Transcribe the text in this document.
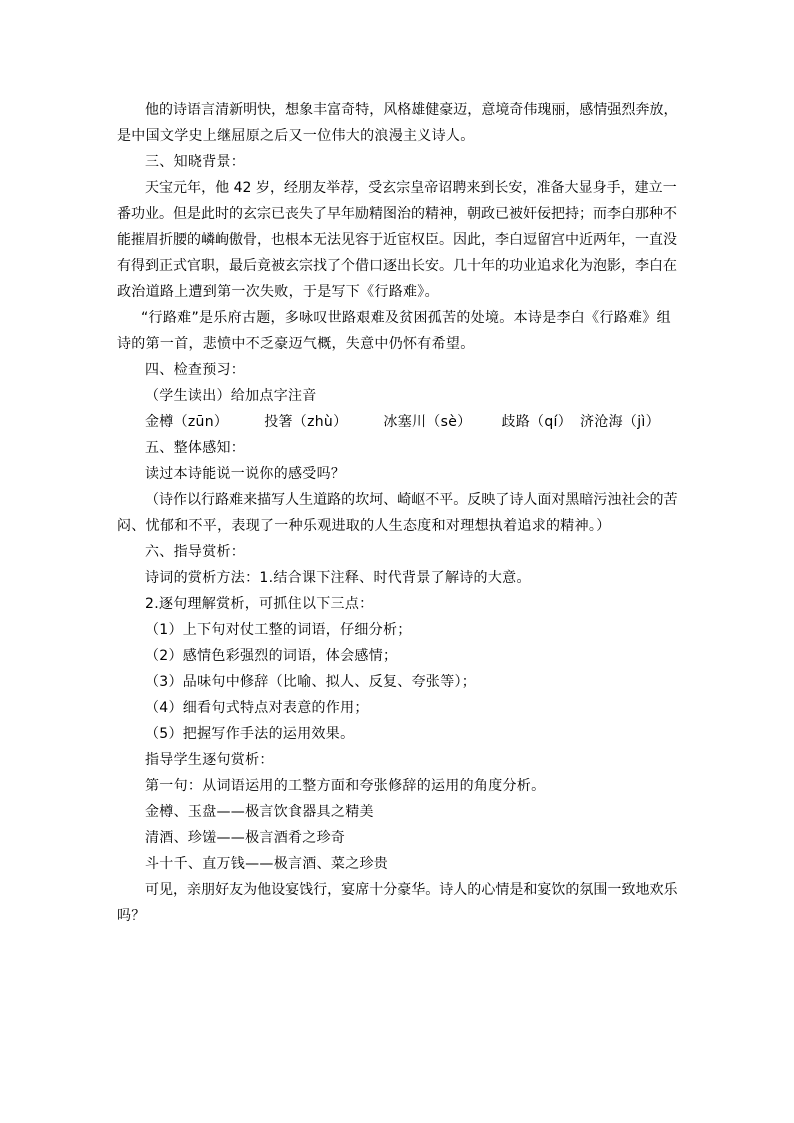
他的诗语言清新明快，想象丰富奇特，风格雄健豪迈，意境奇伟瑰丽，感情强烈奔放，
是中国文学史上继屈原之后又一位伟大的浪漫主义诗人。
三、知晓背景：
天宝元年，他 42 岁，经朋友举荐，受玄宗皇帝诏聘来到长安，准备大显身手，建立一
番功业。但是此时的玄宗已丧失了早年励精图治的精神，朝政已被奸佞把持；而李白那种不
能摧眉折腰的嶙峋傲骨，也根本无法见容于近宦权臣。因此，李白逗留宫中近两年，一直没
有得到正式官职，最后竟被玄宗找了个借口逐出长安。几十年的功业追求化为泡影，李白在
政治道路上遭到第一次失败，于是写下《行路难》。
“行路难”是乐府古题，多咏叹世路艰难及贫困孤苦的处境。本诗是李白《行路难》组
诗的第一首，悲愤中不乏豪迈气概，失意中仍怀有希望。
四、检查预习：
（学生读出）给加点字注音
金樽（zūn）	投箸（zhù）	冰塞川（sè） 歧路（qí） 济沧海（jì）
五、整体感知：
读过本诗能说一说你的感受吗？
（诗作以行路难来描写人生道路的坎坷、崎岖不平。反映了诗人面对黑暗污浊社会的苦
闷、忧郁和不平，表现了一种乐观进取的人生态度和对理想执着追求的精神。）
六、指导赏析：
诗词的赏析方法：1.结合课下注释、时代背景了解诗的大意。
2.逐句理解赏析，可抓住以下三点：
（1）上下句对仗工整的词语，仔细分析；
（2）感情色彩强烈的词语，体会感情；
（3）品味句中修辞（比喻、拟人、反复、夸张等）；
（4）细看句式特点对表意的作用；
（5）把握写作手法的运用效果。
指导学生逐句赏析：
第一句：从词语运用的工整方面和夸张修辞的运用的角度分析。
金樽、玉盘——极言饮食器具之精美
清酒、珍馐——极言酒肴之珍奇
斗十千、直万钱——极言酒、菜之珍贵
可见，亲朋好友为他设宴饯行，宴席十分豪华。诗人的心情是和宴饮的氛围一致地欢乐
吗？
